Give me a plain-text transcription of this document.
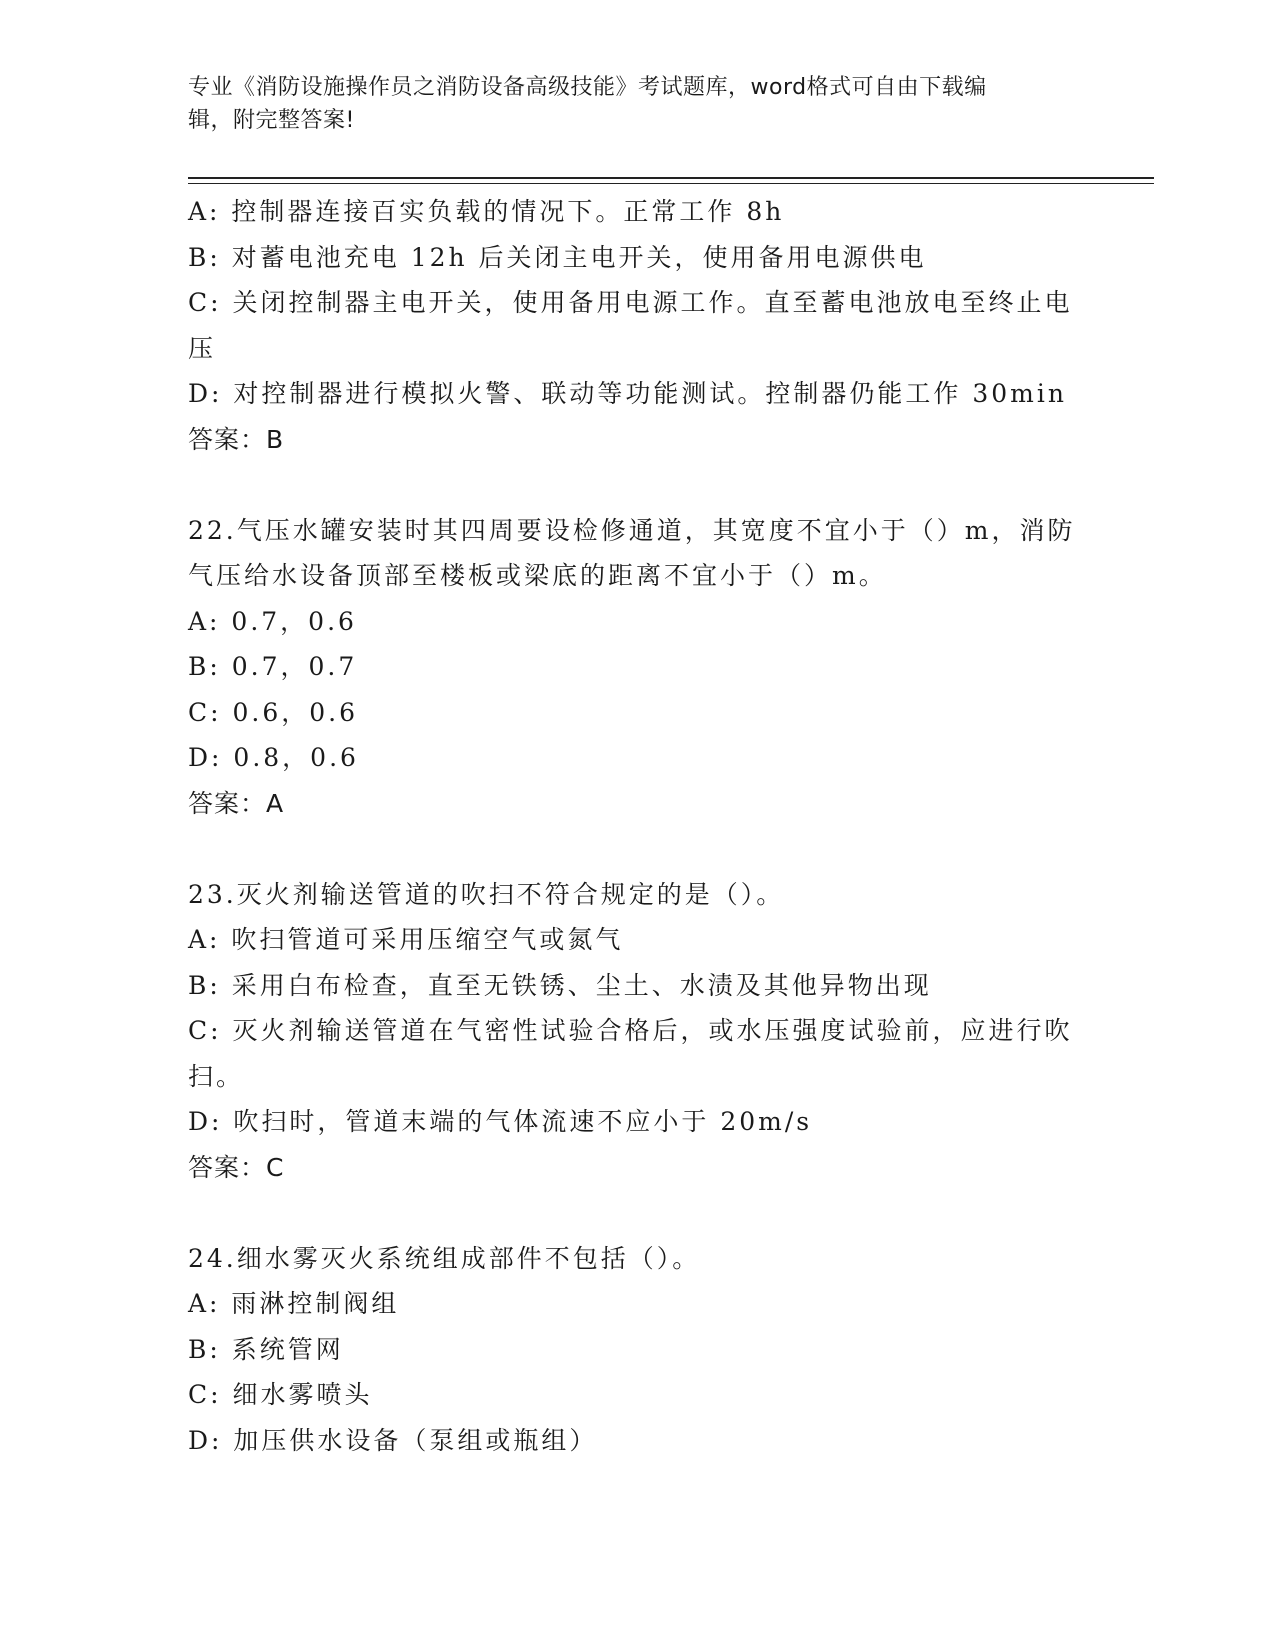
专业《消防设施操作员之消防设备高级技能》考试题库，word格式可自由下载编

辑，附完整答案!

A: 控制器连接百实负载的情况下。正常工作 8h
B: 对蓄电池充电 12h 后关闭主电开关，使用备用电源供电
C: 关闭控制器主电开关，使用备用电源工作。直至蓄电池放电至终止电压
D: 对控制器进行模拟火警、联动等功能测试。控制器仍能工作 30min
答案：B
22.气压水罐安装时其四周要设检修通道，其宽度不宜小于（）m，消防气压给水设备顶部至楼板或梁底的距离不宜小于（）m。
A: 0.7，0.6
B: 0.7，0.7
C: 0.6，0.6
D: 0.8，0.6
答案：A
23.灭火剂输送管道的吹扫不符合规定的是（）。
A: 吹扫管道可采用压缩空气或氮气
B: 采用白布检查，直至无铁锈、尘土、水渍及其他异物出现
C: 灭火剂输送管道在气密性试验合格后，或水压强度试验前，应进行吹扫。
D: 吹扫时，管道末端的气体流速不应小于 20m/s
答案：C
24.细水雾灭火系统组成部件不包括（）。
A: 雨淋控制阀组
B: 系统管网
C: 细水雾喷头
D: 加压供水设备（泵组或瓶组）
